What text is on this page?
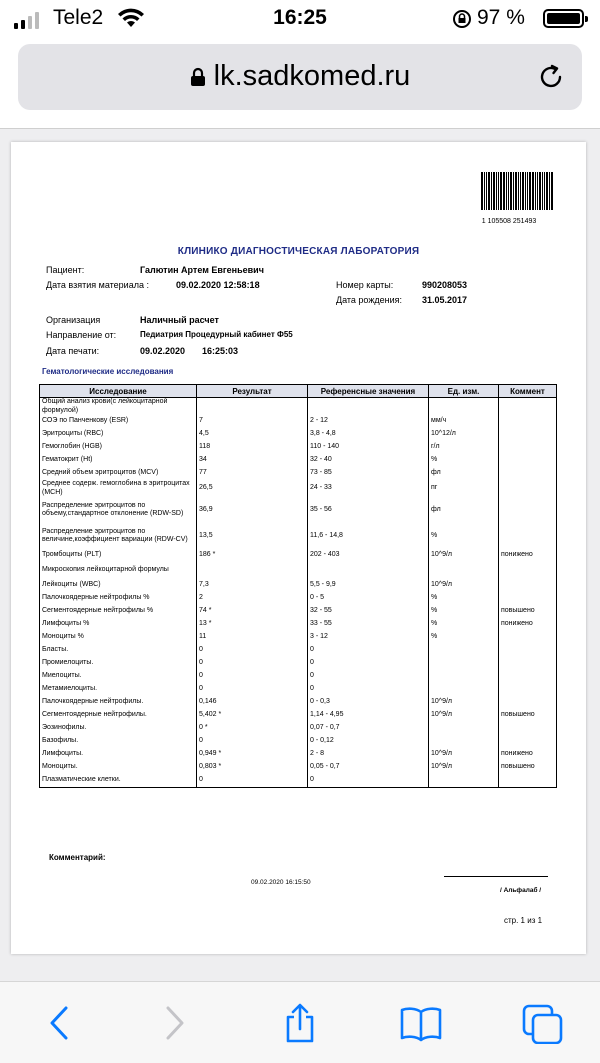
Tele2	16:25	97 %
lk.sadkomed.ru
1 105508 251493
КЛИНИКО ДИАГНОСТИЧЕСКАЯ ЛАБОРАТОРИЯ
Пациент:	Галютин Артем Евгеньевич
Дата взятия материала :	09.02.2020 12:58:18	Номер карты:	990208053
Дата рождения: 31.05.2017
Организация	Наличный расчет
Направление от:	Педиатрия Процедурный кабинет Ф55
Дата печати:	09.02.2020 16:25:03
Гематологические исследования
Исследование	Результат	Референсные значения	Ед. изм.	Коммент
Общий анализ крови(с лейкоцитарной формулой)				
СОЭ по Панченкову (ESR)	7	2 - 12	мм/ч	
Эритроциты (RBC)	4,5	3,8 - 4,8	10^12/л	
Гемоглобин (HGB)	118	110 - 140	г/л	
Гематокрит (Ht)	34	32 - 40	%	
Средний объем эритроцитов (MCV)	77	73 - 85	фл	
Среднее содерж. гемоглобина в эритроцитах (MCH)	26,5	24 - 33	пг	
Распределение эритроцитов по объему,стандартное отклонение (RDW-SD)	36,9	35 - 56	фл	
Распределение эритроцитов по величине,коэффициент вариации (RDW-CV)	13,5	11,6 - 14,8	%	
Тромбоциты (PLT)	186 *	202 - 403	10^9/л	понижено
Микроскопия лейкоцитарной формулы				
Лейкоциты (WBC)	7,3	5,5 - 9,9	10^9/л	
Палочкоядерные нейтрофилы %	2	0 - 5	%	
Сегментоядерные нейтрофилы %	74 *	32 - 55	%	повышено
Лимфоциты %	13 *	33 - 55	%	понижено
Моноциты %	11	3 - 12	%	
Бласты.	0	0		
Промиелоциты.	0	0		
Миелоциты.	0	0		
Метамиелоциты.	0	0		
Палочкоядерные нейтрофилы.	0,146	0 - 0,3	10^9/л	
Сегментоядерные нейтрофилы.	5,402 *	1,14 - 4,95	10^9/л	повышено
Эозинофилы.	0 *	0,07 - 0,7		
Базофилы.	0	0 - 0,12		
Лимфоциты.	0,949 *	2 - 8	10^9/л	понижено
Моноциты.	0,803 *	0,05 - 0,7	10^9/л	повышено
Плазматические клетки.	0	0		
Комментарий:
09.02.2020 16:15:50
/ Альфалаб /
стр. 1 из 1
